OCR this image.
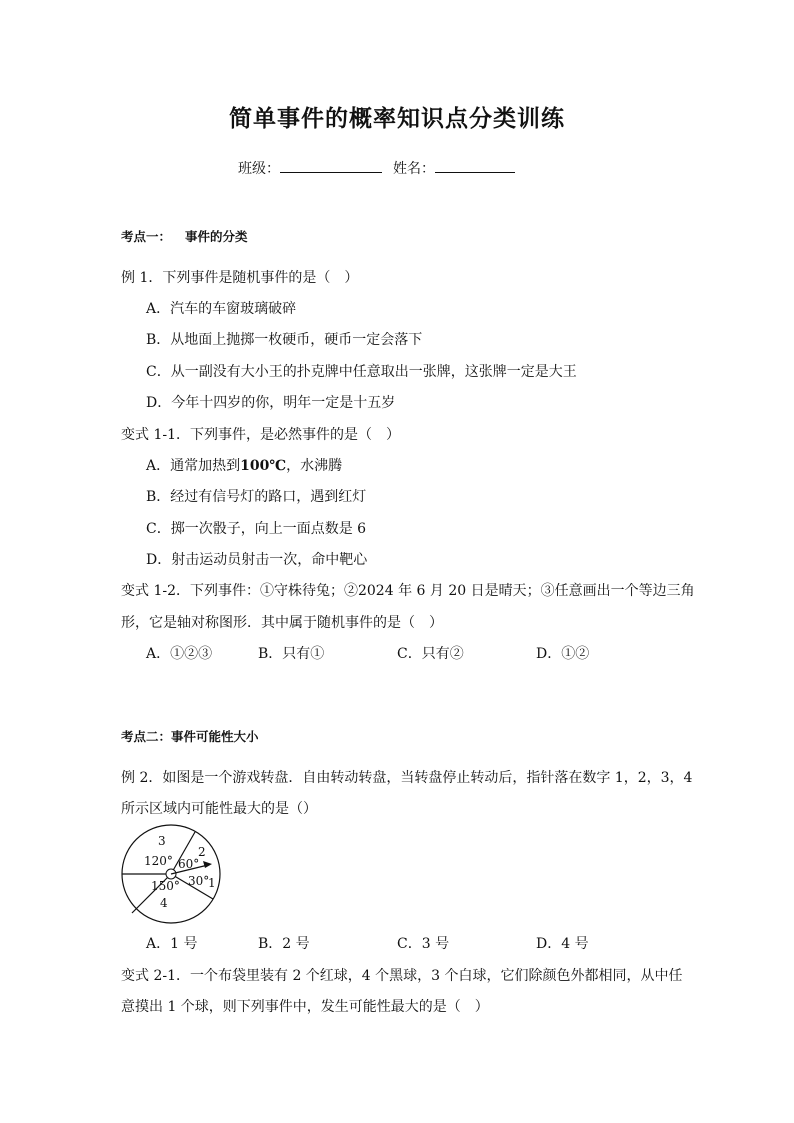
简单事件的概率知识点分类训练
班级：	姓名：
考点一： 事件的分类
例 1．下列事件是随机事件的是（　）
A．汽车的车窗玻璃破碎
B．从地面上抛掷一枚硬币，硬币一定会落下
C．从一副没有大小王的扑克牌中任意取出一张牌，这张牌一定是大王
D．今年十四岁的你，明年一定是十五岁
变式 1-1．下列事件，是必然事件的是（　）
A．通常加热到100℃，水沸腾
B．经过有信号灯的路口，遇到红灯
C．掷一次骰子，向上一面点数是 6
D．射击运动员射击一次，命中靶心
变式 1-2．下列事件：①守株待兔；②2024 年 6 月 20 日是晴天；③任意画出一个等边三角
形，它是轴对称图形．其中属于随机事件的是（　）
A．①②③	B．只有①	C．只有②	D．①②
考点二：事件可能性大小
例 2．如图是一个游戏转盘．自由转动转盘，当转盘停止转动后，指针落在数字 1，2，3，4
所示区域内可能性最大的是（）
3
120°
2
60°
30°
1
150°
4
A．1 号	B．2 号	C．3 号	D．4 号
变式 2-1．一个布袋里装有 2 个红球，4 个黑球，3 个白球，它们除颜色外都相同，从中任
意摸出 1 个球，则下列事件中，发生可能性最大的是（　）
